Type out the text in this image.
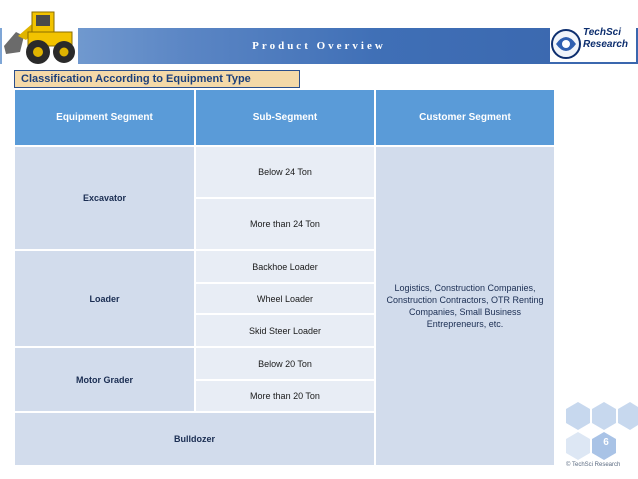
Product Overview
TechSci
Research
Classification According to Equipment Type
Equipment Segment	Sub-Segment	Customer Segment
Excavator
Below 24 Ton
More than 24 Ton
Loader
Backhoe Loader
Wheel Loader
Skid Steer Loader
Motor Grader
Below 20 Ton
More than 20 Ton
Bulldozer
Logistics, Construction Companies, Construction Contractors, OTR Renting Companies, Small Business Entrepreneurs, etc.
6
© TechSci Research
